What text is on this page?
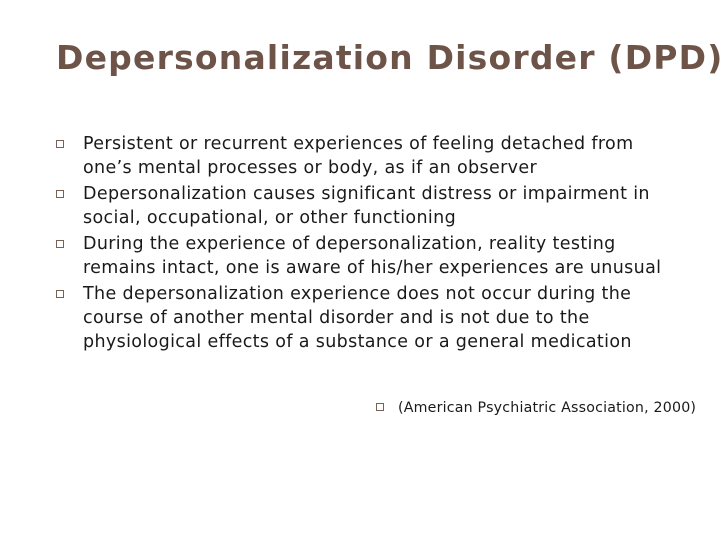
Depersonalization Disorder (DPD)
Persistent or recurrent experiences of feeling detached from
one’s mental processes or body, as if an observer
Depersonalization causes significant distress or impairment in
social, occupational, or other functioning
During the experience of depersonalization, reality testing
remains intact, one is aware of his/her experiences are unusual
The depersonalization experience does not occur during the
course of another mental disorder and is not due to the
physiological effects of a substance or a general medication
(American Psychiatric Association, 2000)
